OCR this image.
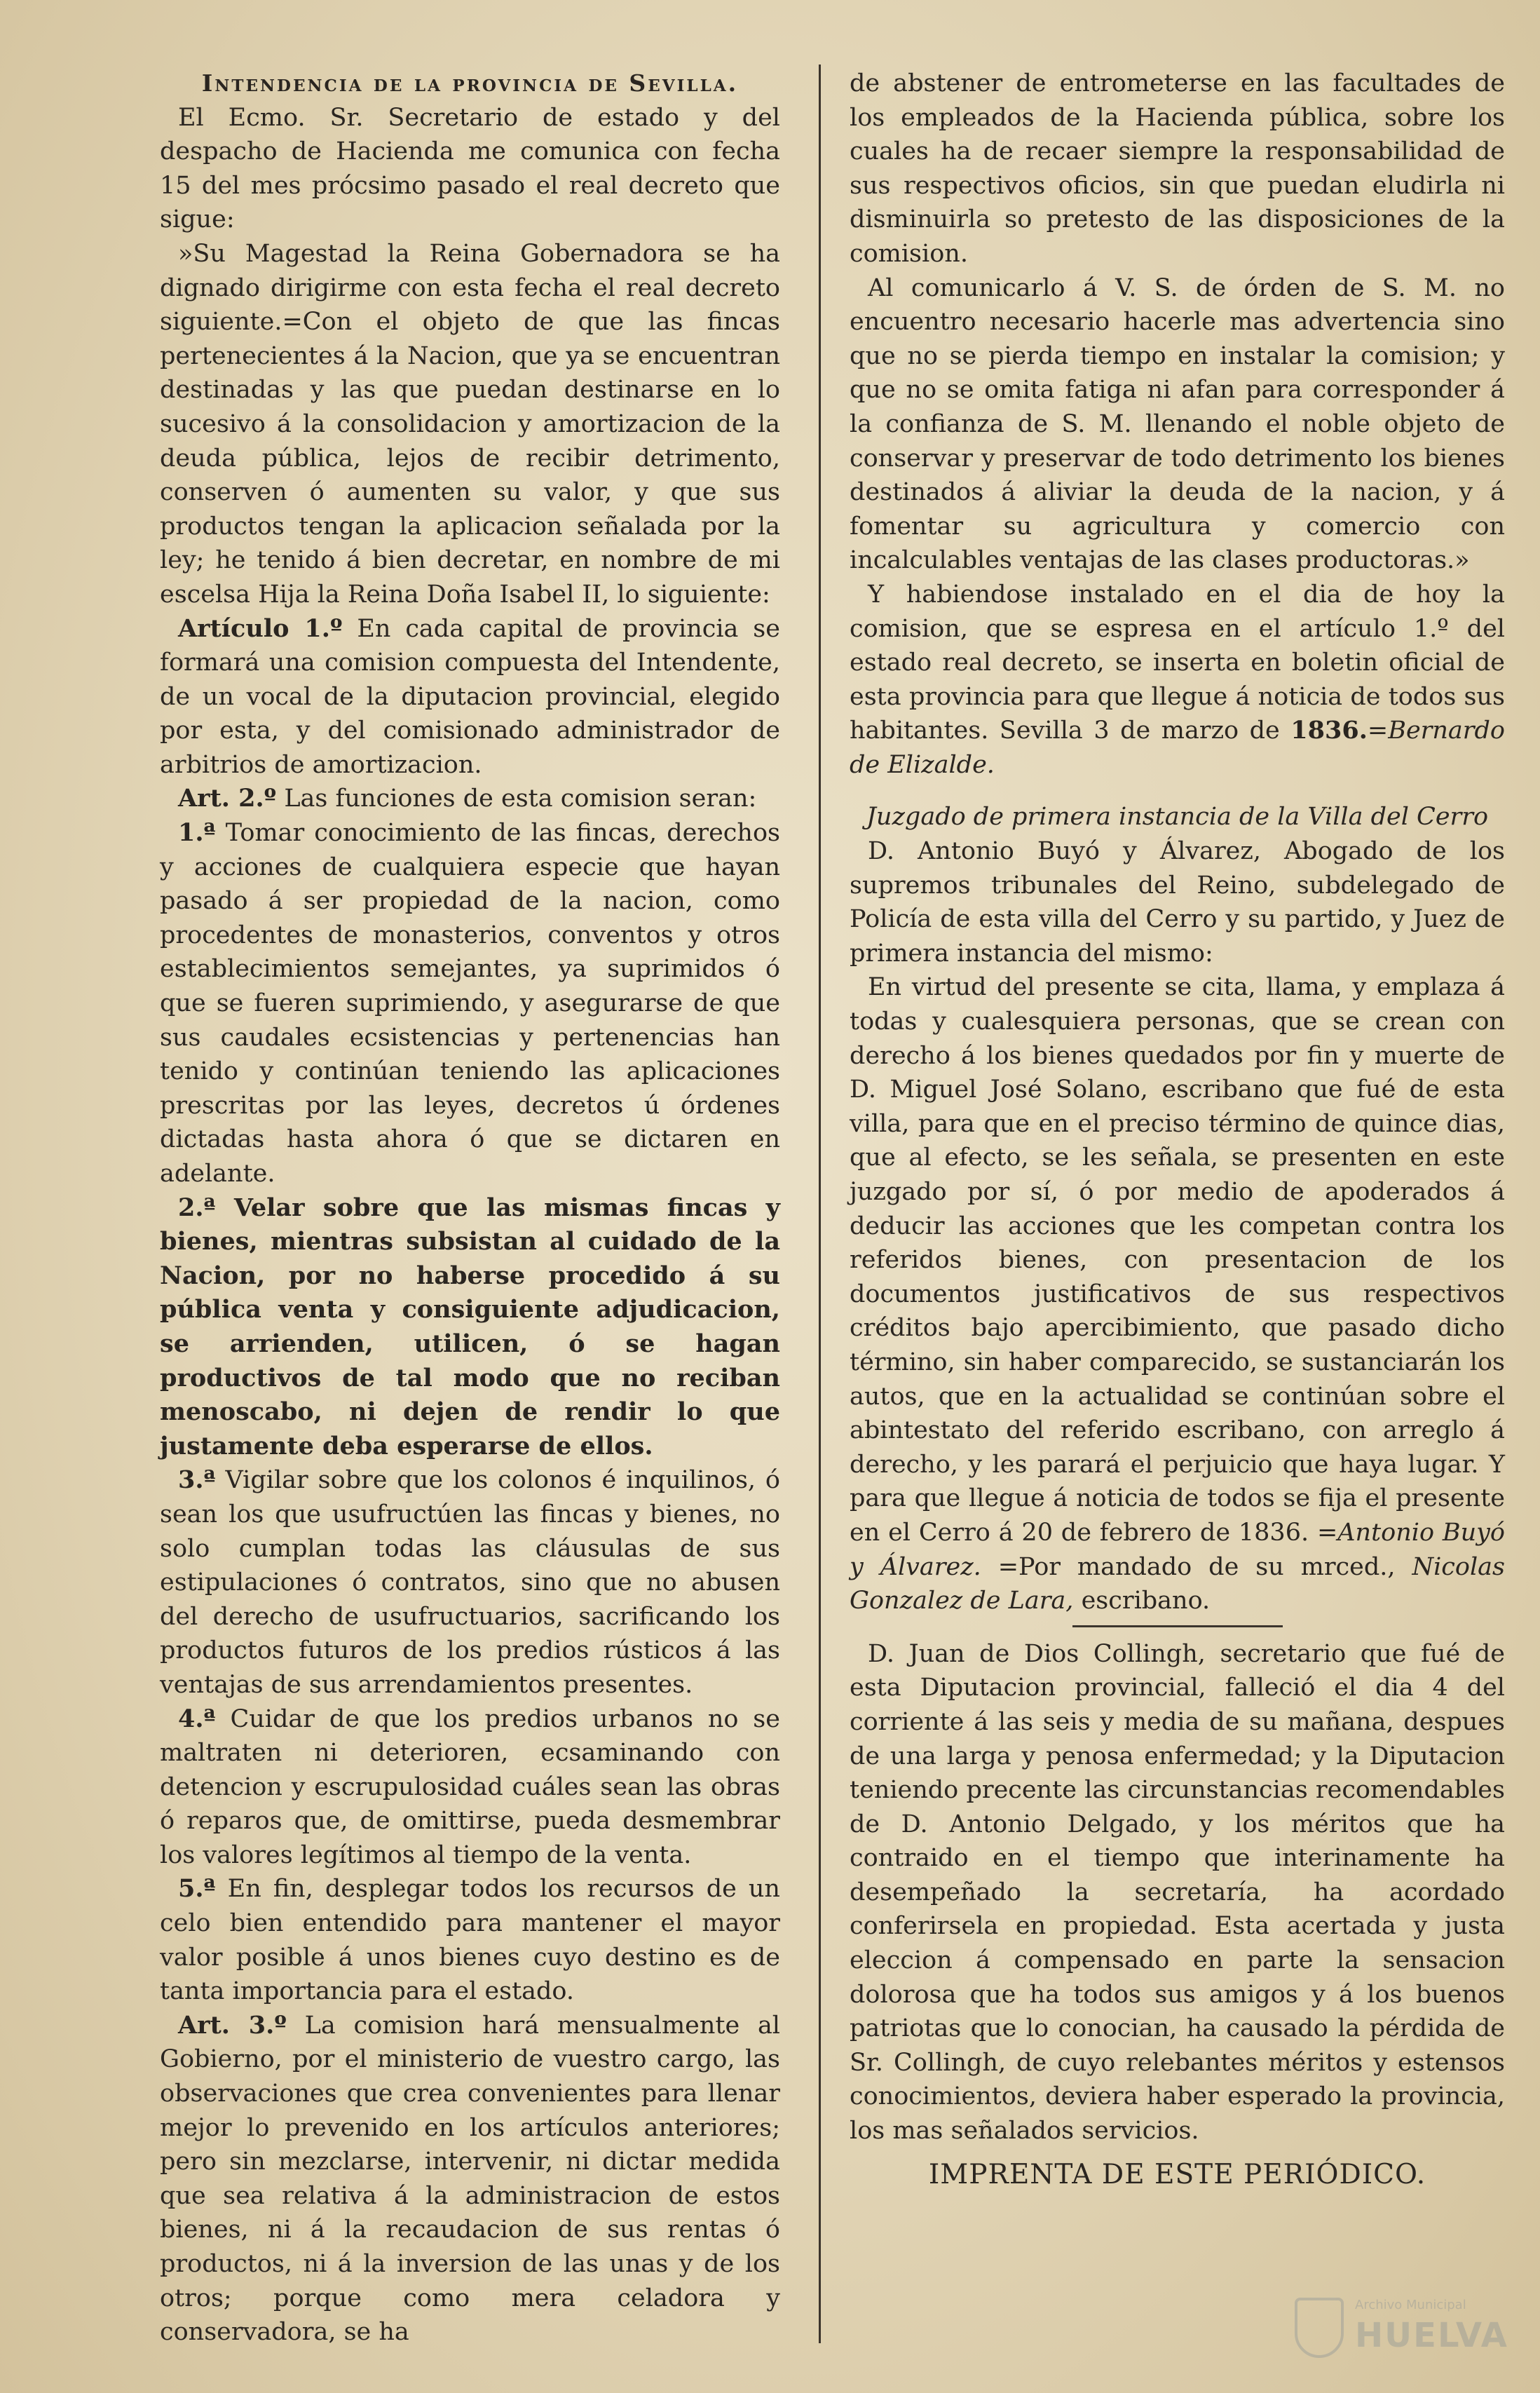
Intendencia de la provincia de Sevilla.

El Ecmo. Sr. Secretario de estado y del despacho de Hacienda me comunica con fecha 15 del mes prócsimo pasado el real decreto que sigue:

»Su Magestad la Reina Gobernadora se ha dignado dirigirme con esta fecha el real decreto siguiente.=Con el objeto de que las fincas pertenecientes á la Nacion, que ya se encuentran destinadas y las que puedan destinarse en lo sucesivo á la consolidacion y amortizacion de la deuda pública, lejos de recibir detrimento, conserven ó aumenten su valor, y que sus productos tengan la aplicacion señalada por la ley; he tenido á bien decretar, en nombre de mi escelsa Hija la Reina Doña Isabel II, lo siguiente:

Artículo 1.º En cada capital de provincia se formará una comision compuesta del Intendente, de un vocal de la diputacion provincial, elegido por esta, y del comisionado administrador de arbitrios de amortizacion.

Art. 2.º Las funciones de esta comision seran:

1.ª Tomar conocimiento de las fincas, derechos y acciones de cualquiera especie que hayan pasado á ser propiedad de la nacion, como procedentes de monasterios, conventos y otros establecimientos semejantes, ya suprimidos ó que se fueren suprimiendo, y asegurarse de que sus caudales ecsistencias y pertenencias han tenido y continúan teniendo las aplicaciones prescritas por las leyes, decretos ú órdenes dictadas hasta ahora ó que se dictaren en adelante.

2.ª Velar sobre que las mismas fincas y bienes, mientras subsistan al cuidado de la Nacion, por no haberse procedido á su pública venta y consiguiente adjudicacion, se arrienden, utilicen, ó se hagan productivos de tal modo que no reciban menoscabo, ni dejen de rendir lo que justamente deba esperarse de ellos.

3.ª Vigilar sobre que los colonos é inquilinos, ó sean los que usufructúen las fincas y bienes, no solo cumplan todas las cláusulas de sus estipulaciones ó contratos, sino que no abusen del derecho de usufructuarios, sacrificando los productos futuros de los predios rústicos á las ventajas de sus arrendamientos presentes.

4.ª Cuidar de que los predios urbanos no se maltraten ni deterioren, ecsaminando con detencion y escrupulosidad cuáles sean las obras ó reparos que, de omittirse, pueda desmembrar los valores legítimos al tiempo de la venta.

5.ª En fin, desplegar todos los recursos de un celo bien entendido para mantener el mayor valor posible á unos bienes cuyo destino es de tanta importancia para el estado.

Art. 3.º La comision hará mensualmente al Gobierno, por el ministerio de vuestro cargo, las observaciones que crea convenientes para llenar mejor lo prevenido en los artículos anteriores; pero sin mezclarse, intervenir, ni dictar medida que sea relativa á la administracion de estos bienes, ni á la recaudacion de sus rentas ó productos, ni á la inversion de las unas y de los otros; porque como mera celadora y conservadora, se ha

de abstener de entrometerse en las facultades de los empleados de la Hacienda pública, sobre los cuales ha de recaer siempre la responsabilidad de sus respectivos oficios, sin que puedan eludirla ni disminuirla so pretesto de las disposiciones de la comision.

Al comunicarlo á V. S. de órden de S. M. no encuentro necesario hacerle mas advertencia sino que no se pierda tiempo en instalar la comision; y que no se omita fatiga ni afan para corresponder á la confianza de S. M. llenando el noble objeto de conservar y preservar de todo detrimento los bienes destinados á aliviar la deuda de la nacion, y á fomentar su agricultura y comercio con incalculables ventajas de las clases productoras.»

Y habiendose instalado en el dia de hoy la comision, que se espresa en el artículo 1.º del estado real decreto, se inserta en boletin oficial de esta provincia para que llegue á noticia de todos sus habitantes. Sevilla 3 de marzo de 1836.=Bernardo de Elizalde.

Juzgado de primera instancia de la Villa del Cerro

D. Antonio Buyó y Álvarez, Abogado de los supremos tribunales del Reino, subdelegado de Policía de esta villa del Cerro y su partido, y Juez de primera instancia del mismo:

En virtud del presente se cita, llama, y emplaza á todas y cualesquiera personas, que se crean con derecho á los bienes quedados por fin y muerte de D. Miguel José Solano, escribano que fué de esta villa, para que en el preciso término de quince dias, que al efecto, se les señala, se presenten en este juzgado por sí, ó por medio de apoderados á deducir las acciones que les competan contra los referidos bienes, con presentacion de los documentos justificativos de sus respectivos créditos bajo apercibimiento, que pasado dicho término, sin haber comparecido, se sustanciarán los autos, que en la actualidad se continúan sobre el abintestato del referido escribano, con arreglo á derecho, y les parará el perjuicio que haya lugar. Y para que llegue á noticia de todos se fija el presente en el Cerro á 20 de febrero de 1836. =Antonio Buyó y Álvarez. =Por mandado de su mrced., Nicolas Gonzalez de Lara, escribano.

D. Juan de Dios Collingh, secretario que fué de esta Diputacion provincial, falleció el dia 4 del corriente á las seis y media de su mañana, despues de una larga y penosa enfermedad; y la Diputacion teniendo precente las circunstancias recomendables de D. Antonio Delgado, y los méritos que ha contraido en el tiempo que interinamente ha desempeñado la secretaría, ha acordado conferirsela en propiedad. Esta acertada y justa eleccion á compensado en parte la sensacion dolorosa que ha todos sus amigos y á los buenos patriotas que lo conocian, ha causado la pérdida de Sr. Collingh, de cuyo relebantes méritos y estensos conocimientos, deviera haber esperado la provincia, los mas señalados servicios.

IMPRENTA DE ESTE PERIÓDICO.

Archivo Municipal
HUELVA
